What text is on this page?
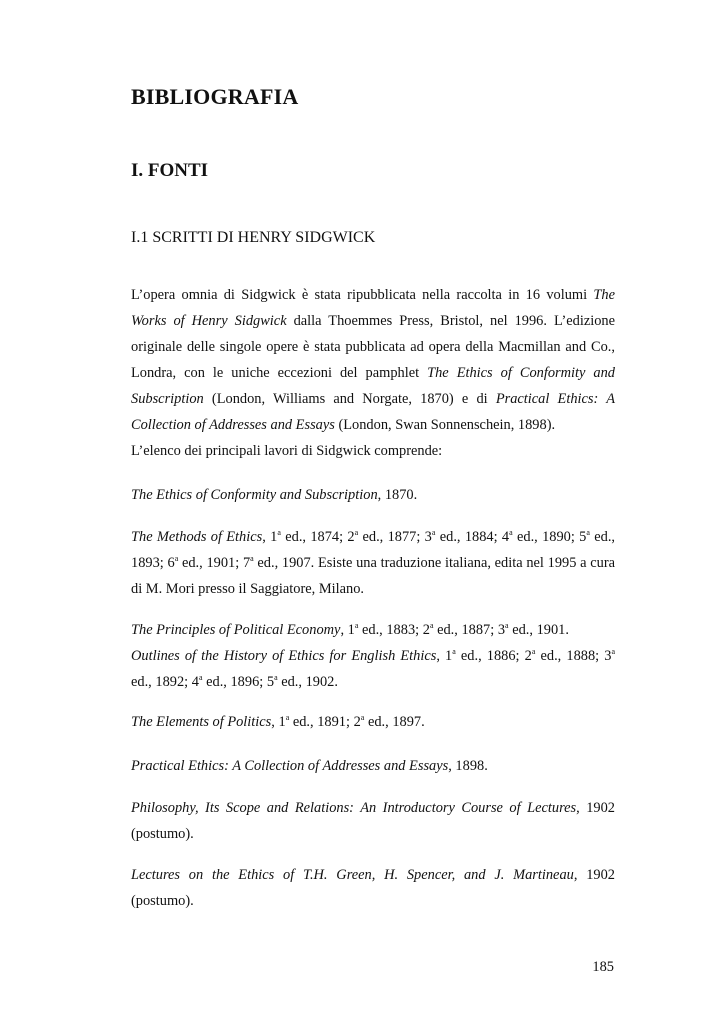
BIBLIOGRAFIA
I. FONTI
I.1 SCRITTI DI HENRY SIDGWICK

L’opera omnia di Sidgwick è stata ripubblicata nella raccolta in 16 volumi The Works of Henry Sidgwick dalla Thoemmes Press, Bristol, nel 1996. L’edizione originale delle singole opere è stata pubblicata ad opera della Macmillan and Co., Londra, con le uniche eccezioni del pamphlet The Ethics of Conformity and Subscription (London, Williams and Norgate, 1870) e di Practical Ethics: A Collection of Addresses and Essays (London, Swan Sonnenschein, 1898).
L’elenco dei principali lavori di Sidgwick comprende:

The Ethics of Conformity and Subscription, 1870.

The Methods of Ethics, 1$^a$ ed., 1874; 2$^a$ ed., 1877; 3$^a$ ed., 1884; 4$^a$ ed., 1890; 5$^a$ ed., 1893; 6$^a$ ed., 1901; 7$^a$ ed., 1907. Esiste una traduzione italiana, edita nel 1995 a cura di M. Mori presso il Saggiatore, Milano.

The Principles of Political Economy, 1$^a$ ed., 1883; 2$^a$ ed., 1887; 3$^a$ ed., 1901.

Outlines of the History of Ethics for English Ethics, 1$^a$ ed., 1886; 2$^a$ ed., 1888; 3$^a$ ed., 1892; 4$^a$ ed., 1896; 5$^a$ ed., 1902.

The Elements of Politics, 1$^a$ ed., 1891; 2$^a$ ed., 1897.

Practical Ethics: A Collection of Addresses and Essays, 1898.

Philosophy, Its Scope and Relations: An Introductory Course of Lectures, 1902 (postumo).

Lectures on the Ethics of T.H. Green, H. Spencer, and J. Martineau, 1902 (postumo).

185
